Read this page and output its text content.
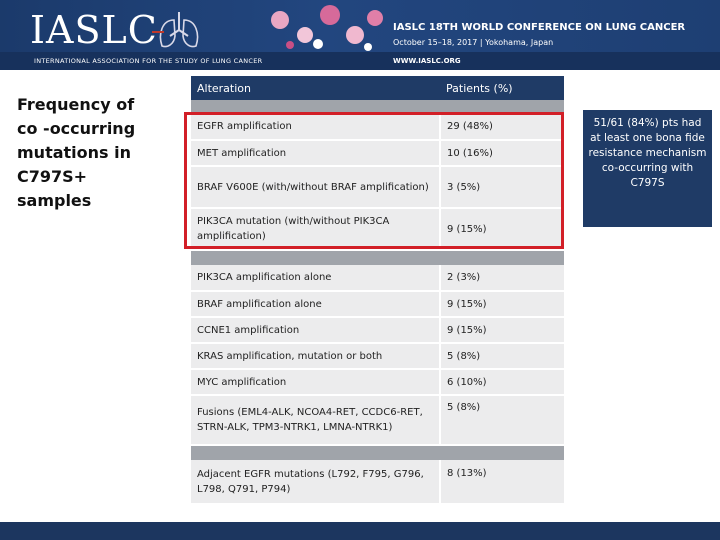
IASLC	IASLC 18TH WORLD CONFERENCE ON LUNG CANCER
October 15–18, 2017 | Yokohama, Japan
INTERNATIONAL ASSOCIATION FOR THE STUDY OF LUNG CANCER	WWW.IASLC.ORG
Frequency of co -occurring mutations in C797S+ samples
Alteration	Patients (%)

EGFR amplification	29 (48%)
MET amplification	10 (16%)
BRAF V600E (with/without BRAF amplification)	3 (5%)
PIK3CA mutation (with/without PIK3CA amplification)	9 (15%)

PIK3CA amplification alone	2 (3%)
BRAF amplification alone	9 (15%)
CCNE1 amplification	9 (15%)
KRAS amplification, mutation or both	5 (8%)
MYC amplification	6 (10%)
Fusions (EML4-ALK, NCOA4-RET, CCDC6-RET, STRN-ALK, TPM3-NTRK1, LMNA-NTRK1)	5 (8%)

Adjacent EGFR mutations (L792, F795, G796, L798, Q791, P794)	8 (13%)
51/61 (84%) pts had at least one bona fide resistance mechanism co-occurring with C797S
